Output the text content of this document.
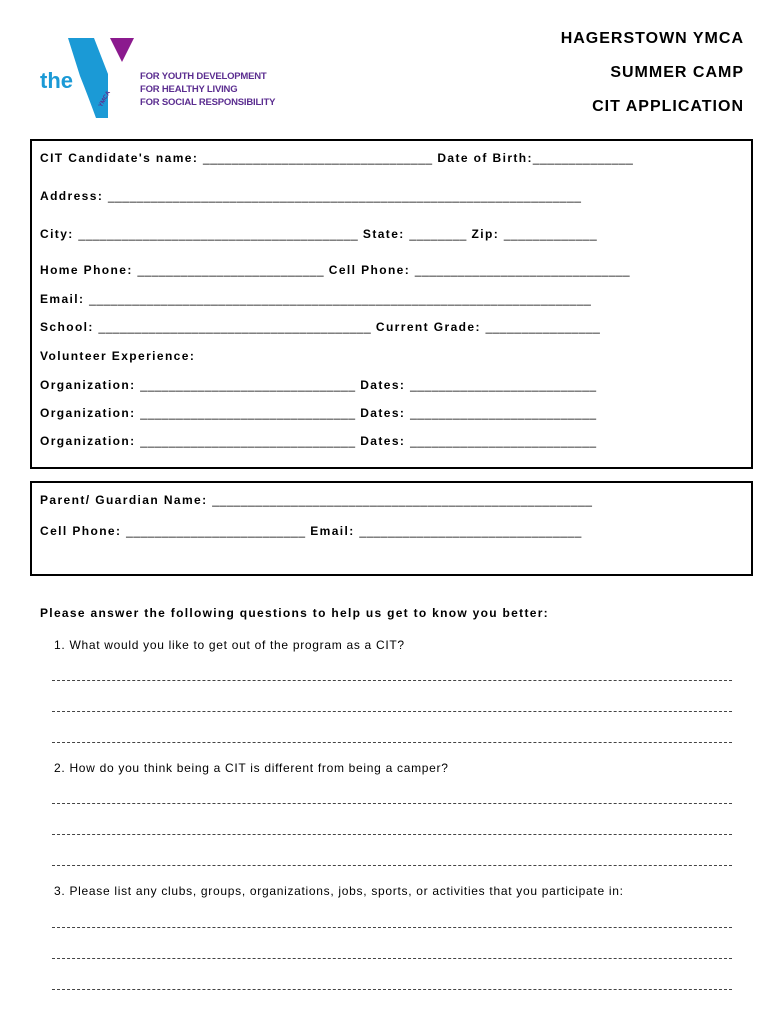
the
YMCA
FOR YOUTH DEVELOPMENT
FOR HEALTHY LIVING
FOR SOCIAL RESPONSIBILITY
HAGERSTOWN YMCA
SUMMER CAMP
CIT APPLICATION
CIT Candidate's name: ________________________________ Date of Birth:______________
Address: __________________________________________________________________
City: _______________________________________ State: ________ Zip: _____________
Home Phone: __________________________ Cell Phone: ______________________________
Email: ______________________________________________________________________
School: ______________________________________ Current Grade: ________________
Volunteer Experience:
Organization: ______________________________ Dates: __________________________
Organization: ______________________________ Dates: __________________________
Organization: ______________________________ Dates: __________________________
Parent/ Guardian Name: _____________________________________________________
Cell Phone: _________________________ Email: _______________________________
Please answer the following questions to help us get to know you better:
1. What would you like to get out of the program as a CIT?
2. How do you think being a CIT is different from being a camper?
3. Please list any clubs, groups, organizations, jobs, sports, or activities that you participate in:
